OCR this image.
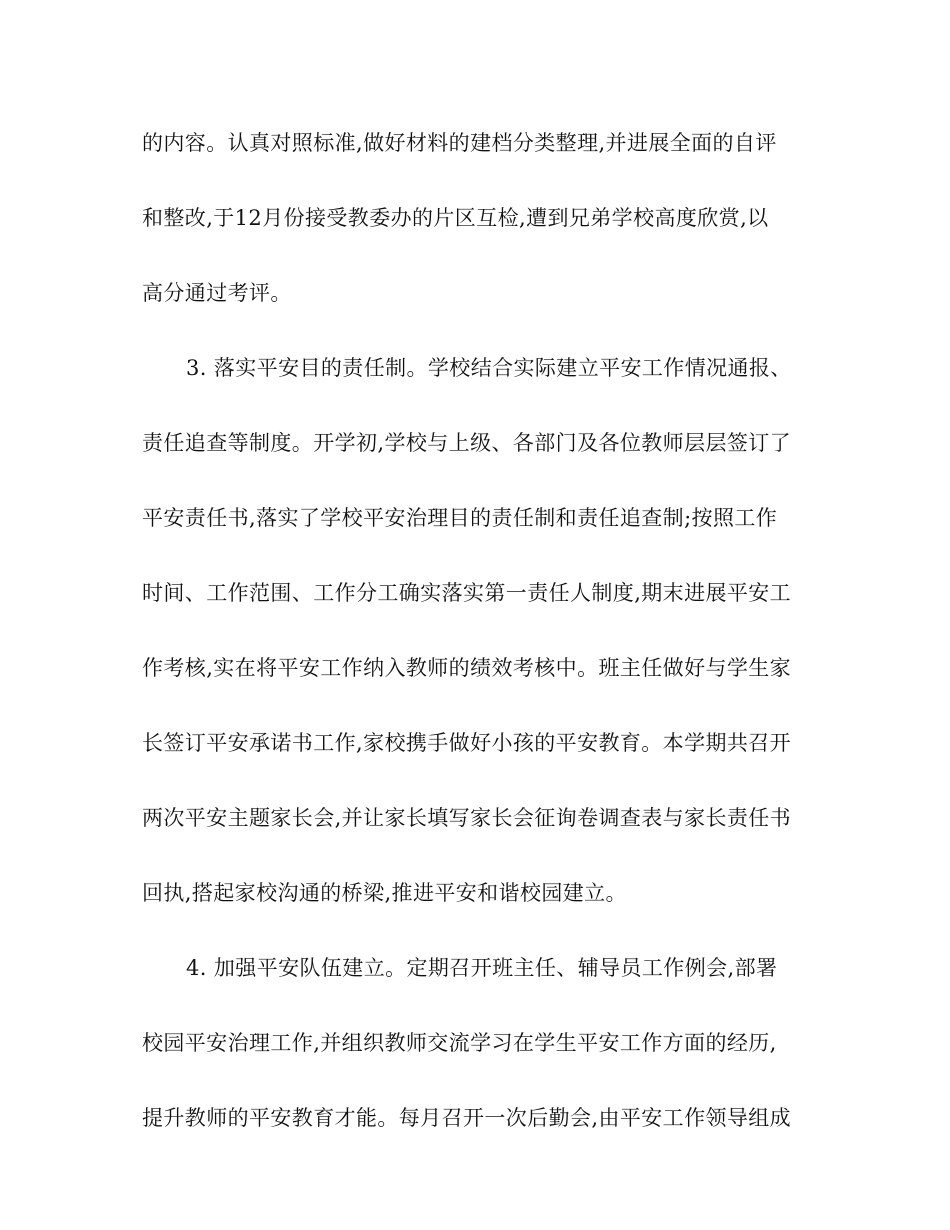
的内容。认真对照标准,做好材料的建档分类整理,并进展全面的自评
和整改,于12月份接受教委办的片区互检,遭到兄弟学校高度欣赏,以
高分通过考评。
3. 落实平安目的责任制。学校结合实际建立平安工作情况通报、
责任追查等制度。开学初,学校与上级、各部门及各位教师层层签订了
平安责任书,落实了学校平安治理目的责任制和责任追查制;按照工作
时间、工作范围、工作分工确实落实第一责任人制度,期末进展平安工
作考核,实在将平安工作纳入教师的绩效考核中。班主任做好与学生家
长签订平安承诺书工作,家校携手做好小孩的平安教育。本学期共召开
两次平安主题家长会,并让家长填写家长会征询卷调查表与家长责任书
回执,搭起家校沟通的桥梁,推进平安和谐校园建立。
4. 加强平安队伍建立。定期召开班主任、辅导员工作例会,部署
校园平安治理工作,并组织教师交流学习在学生平安工作方面的经历,
提升教师的平安教育才能。每月召开一次后勤会,由平安工作领导组成
